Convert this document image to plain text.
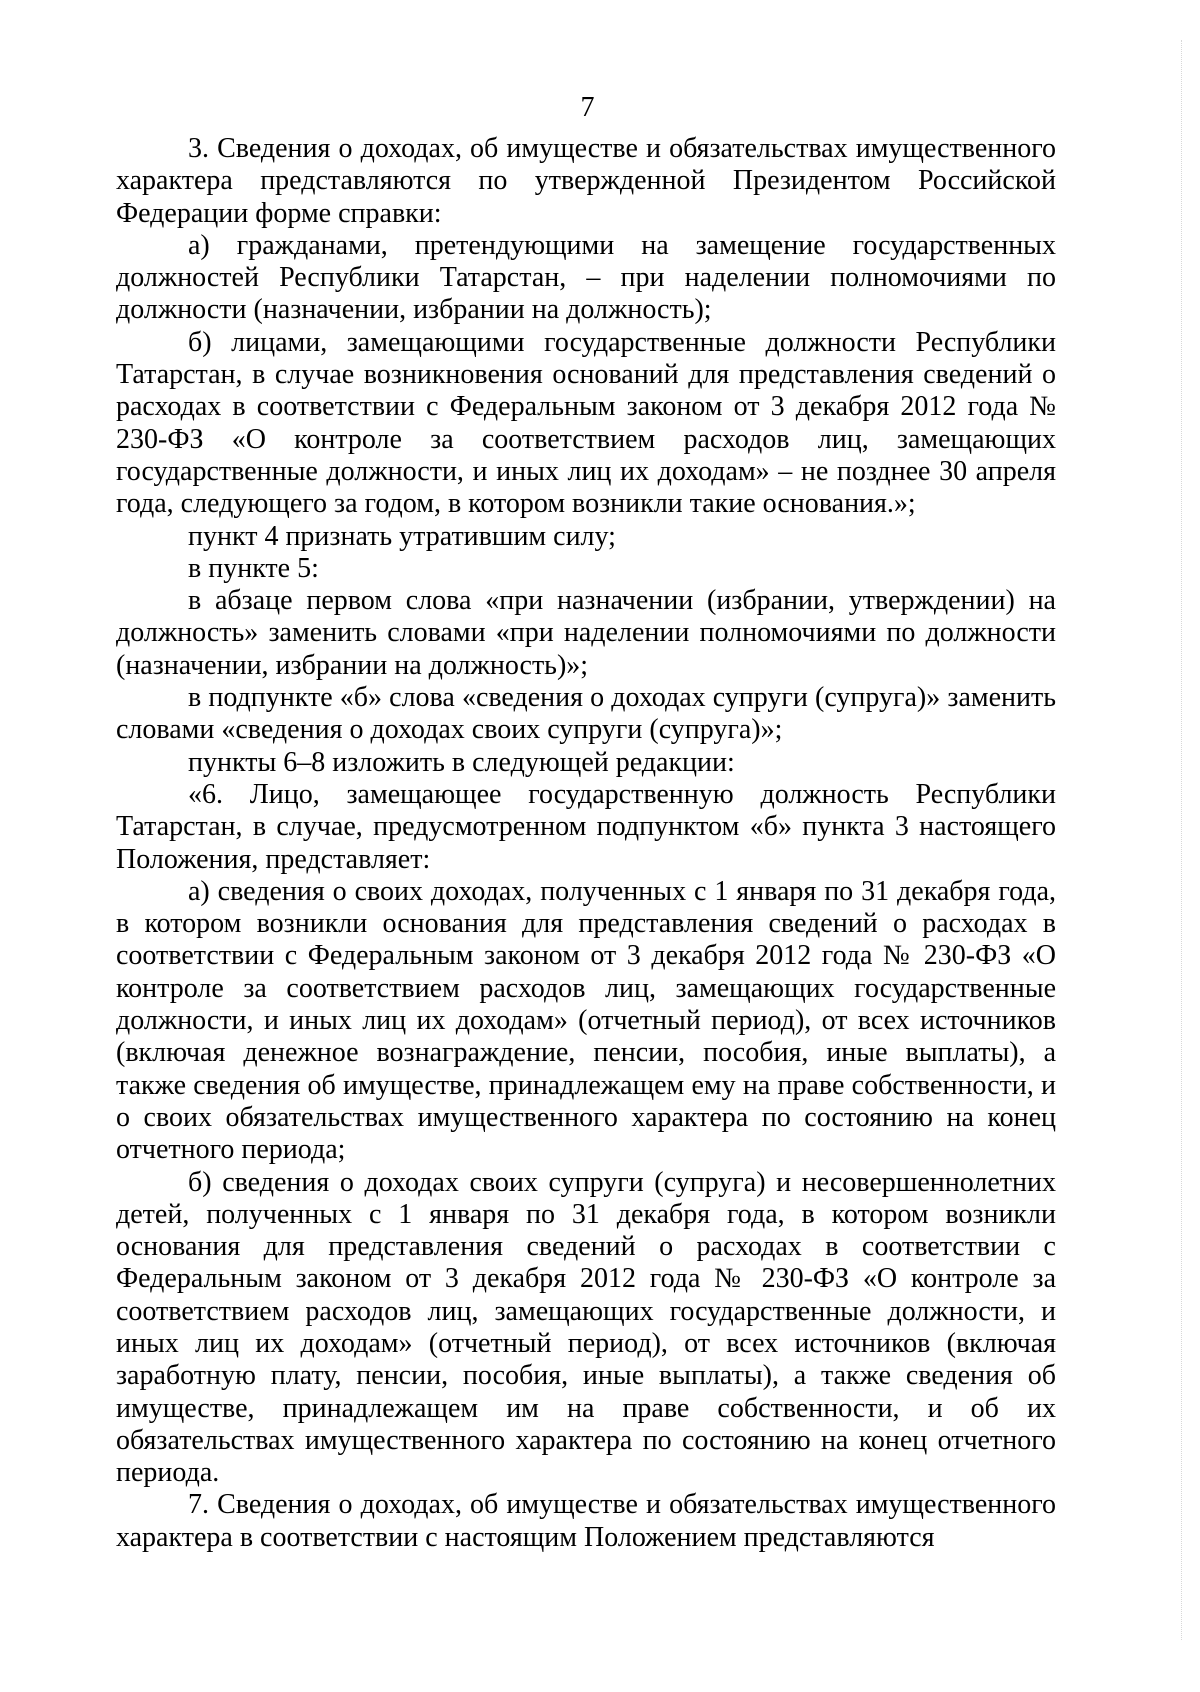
7

3. Сведения о доходах, об имуществе и обязательствах имущественного характера представляются по утвержденной Президентом Российской Федерации форме справки:

а) гражданами, претендующими на замещение государственных должностей Республики Татарстан, – при наделении полномочиями по должности (назначении, избрании на должность);

б) лицами, замещающими государственные должности Республики Татарстан, в случае возникновения оснований для представления сведений о расходах в соответствии с Федеральным законом от 3 декабря 2012 года № 230-ФЗ «О контроле за соответствием расходов лиц, замещающих государственные должности, и иных лиц их доходам» – не позднее 30 апреля года, следующего за годом, в котором возникли такие основания.»;

пункт 4 признать утратившим силу;

в пункте 5:

в абзаце первом слова «при назначении (избрании, утверждении) на должность» заменить словами «при наделении полномочиями по должности (назначении, избрании на должность)»;

в подпункте «б» слова «сведения о доходах супруги (супруга)» заменить словами «сведения о доходах своих супруги (супруга)»;

пункты 6–8 изложить в следующей редакции:

«6. Лицо, замещающее государственную должность Республики Татарстан, в случае, предусмотренном подпунктом «б» пункта 3 настоящего Положения, представляет:

а) сведения о своих доходах, полученных с 1 января по 31 декабря года, в котором возникли основания для представления сведений о расходах в соответствии с Федеральным законом от 3 декабря 2012 года № 230-ФЗ «О контроле за соответствием расходов лиц, замещающих государственные должности, и иных лиц их доходам» (отчетный период), от всех источников (включая денежное вознаграждение, пенсии, пособия, иные выплаты), а также сведения об имуществе, принадлежащем ему на праве собственности, и о своих обязательствах имущественного характера по состоянию на конец отчетного периода;

б) сведения о доходах своих супруги (супруга) и несовершеннолетних детей, полученных с 1 января по 31 декабря года, в котором возникли основания для представления сведений о расходах в соответствии с Федеральным законом от 3 декабря 2012 года № 230-ФЗ «О контроле за соответствием расходов лиц, замещающих государственные должности, и иных лиц их доходам» (отчетный период), от всех источников (включая заработную плату, пенсии, пособия, иные выплаты), а также сведения об имуществе, принадлежащем им на праве собственности, и об их обязательствах имущественного характера по состоянию на конец отчетного периода.

7. Сведения о доходах, об имуществе и обязательствах имущественного характера в соответствии с настоящим Положением представляются
